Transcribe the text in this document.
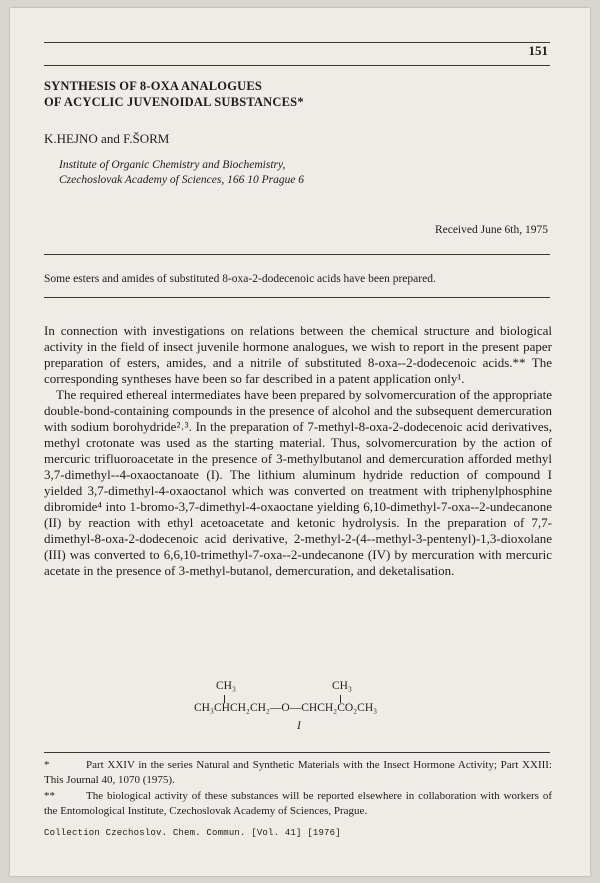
151
SYNTHESIS OF 8-OXA ANALOGUES
OF ACYCLIC JUVENOIDAL SUBSTANCES*
K.HEJNO and F.ŠORM
Institute of Organic Chemistry and Biochemistry,
Czechoslovak Academy of Sciences, 166 10 Prague 6
Received June 6th, 1975
Some esters and amides of substituted 8-oxa-2-dodecenoic acids have been prepared.

In connection with investigations on relations between the chemical structure and biological activity in the field of insect juvenile hormone analogues, we wish to report in the present paper preparation of esters, amides, and a nitrile of substituted 8-oxa--2-dodecenoic acids.** The corresponding syntheses have been so far described in a patent application only¹.

The required ethereal intermediates have been prepared by solvomercuration of the appropriate double-bond-containing compounds in the presence of alcohol and the subsequent demercuration with sodium borohydride²˒³. In the preparation of 7-methyl-8-oxa-2-dodecenoic acid derivatives, methyl crotonate was used as the starting material. Thus, solvomercuration by the action of mercuric trifluoroacetate in the presence of 3-methylbutanol and demercuration afforded methyl 3,7-dimethyl--4-oxaoctanoate (I). The lithium aluminum hydride reduction of compound I yielded 3,7-dimethyl-4-oxaoctanol which was converted on treatment with triphenylphosphine dibromide⁴ into 1-bromo-3,7-dimethyl-4-oxaoctane yielding 6,10-dimethyl-7-oxa--2-undecanone (II) by reaction with ethyl acetoacetate and ketonic hydrolysis. In the preparation of 7,7-dimethyl-8-oxa-2-dodecenoic acid derivative, 2-methyl-2-(4--methyl-3-pentenyl)-1,3-dioxolane (III) was converted to 6,6,10-trimethyl-7-oxa--2-undecanone (IV) by mercuration with mercuric acetate in the presence of 3-methyl-butanol, demercuration, and deketalisation.

CH₃	CH₃
CH₃CHCH₂CH₂—O—CHCH₂CO₂CH₃
I
*	Part XXIV in the series Natural and Synthetic Materials with the Insect Hormone Activity; Part XXIII: This Journal 40, 1070 (1975).
**	The biological activity of these substances will be reported elsewhere in collaboration with workers of the Entomological Institute, Czechoslovak Academy of Sciences, Prague.
Collection Czechoslov. Chem. Commun. [Vol. 41] [1976]
